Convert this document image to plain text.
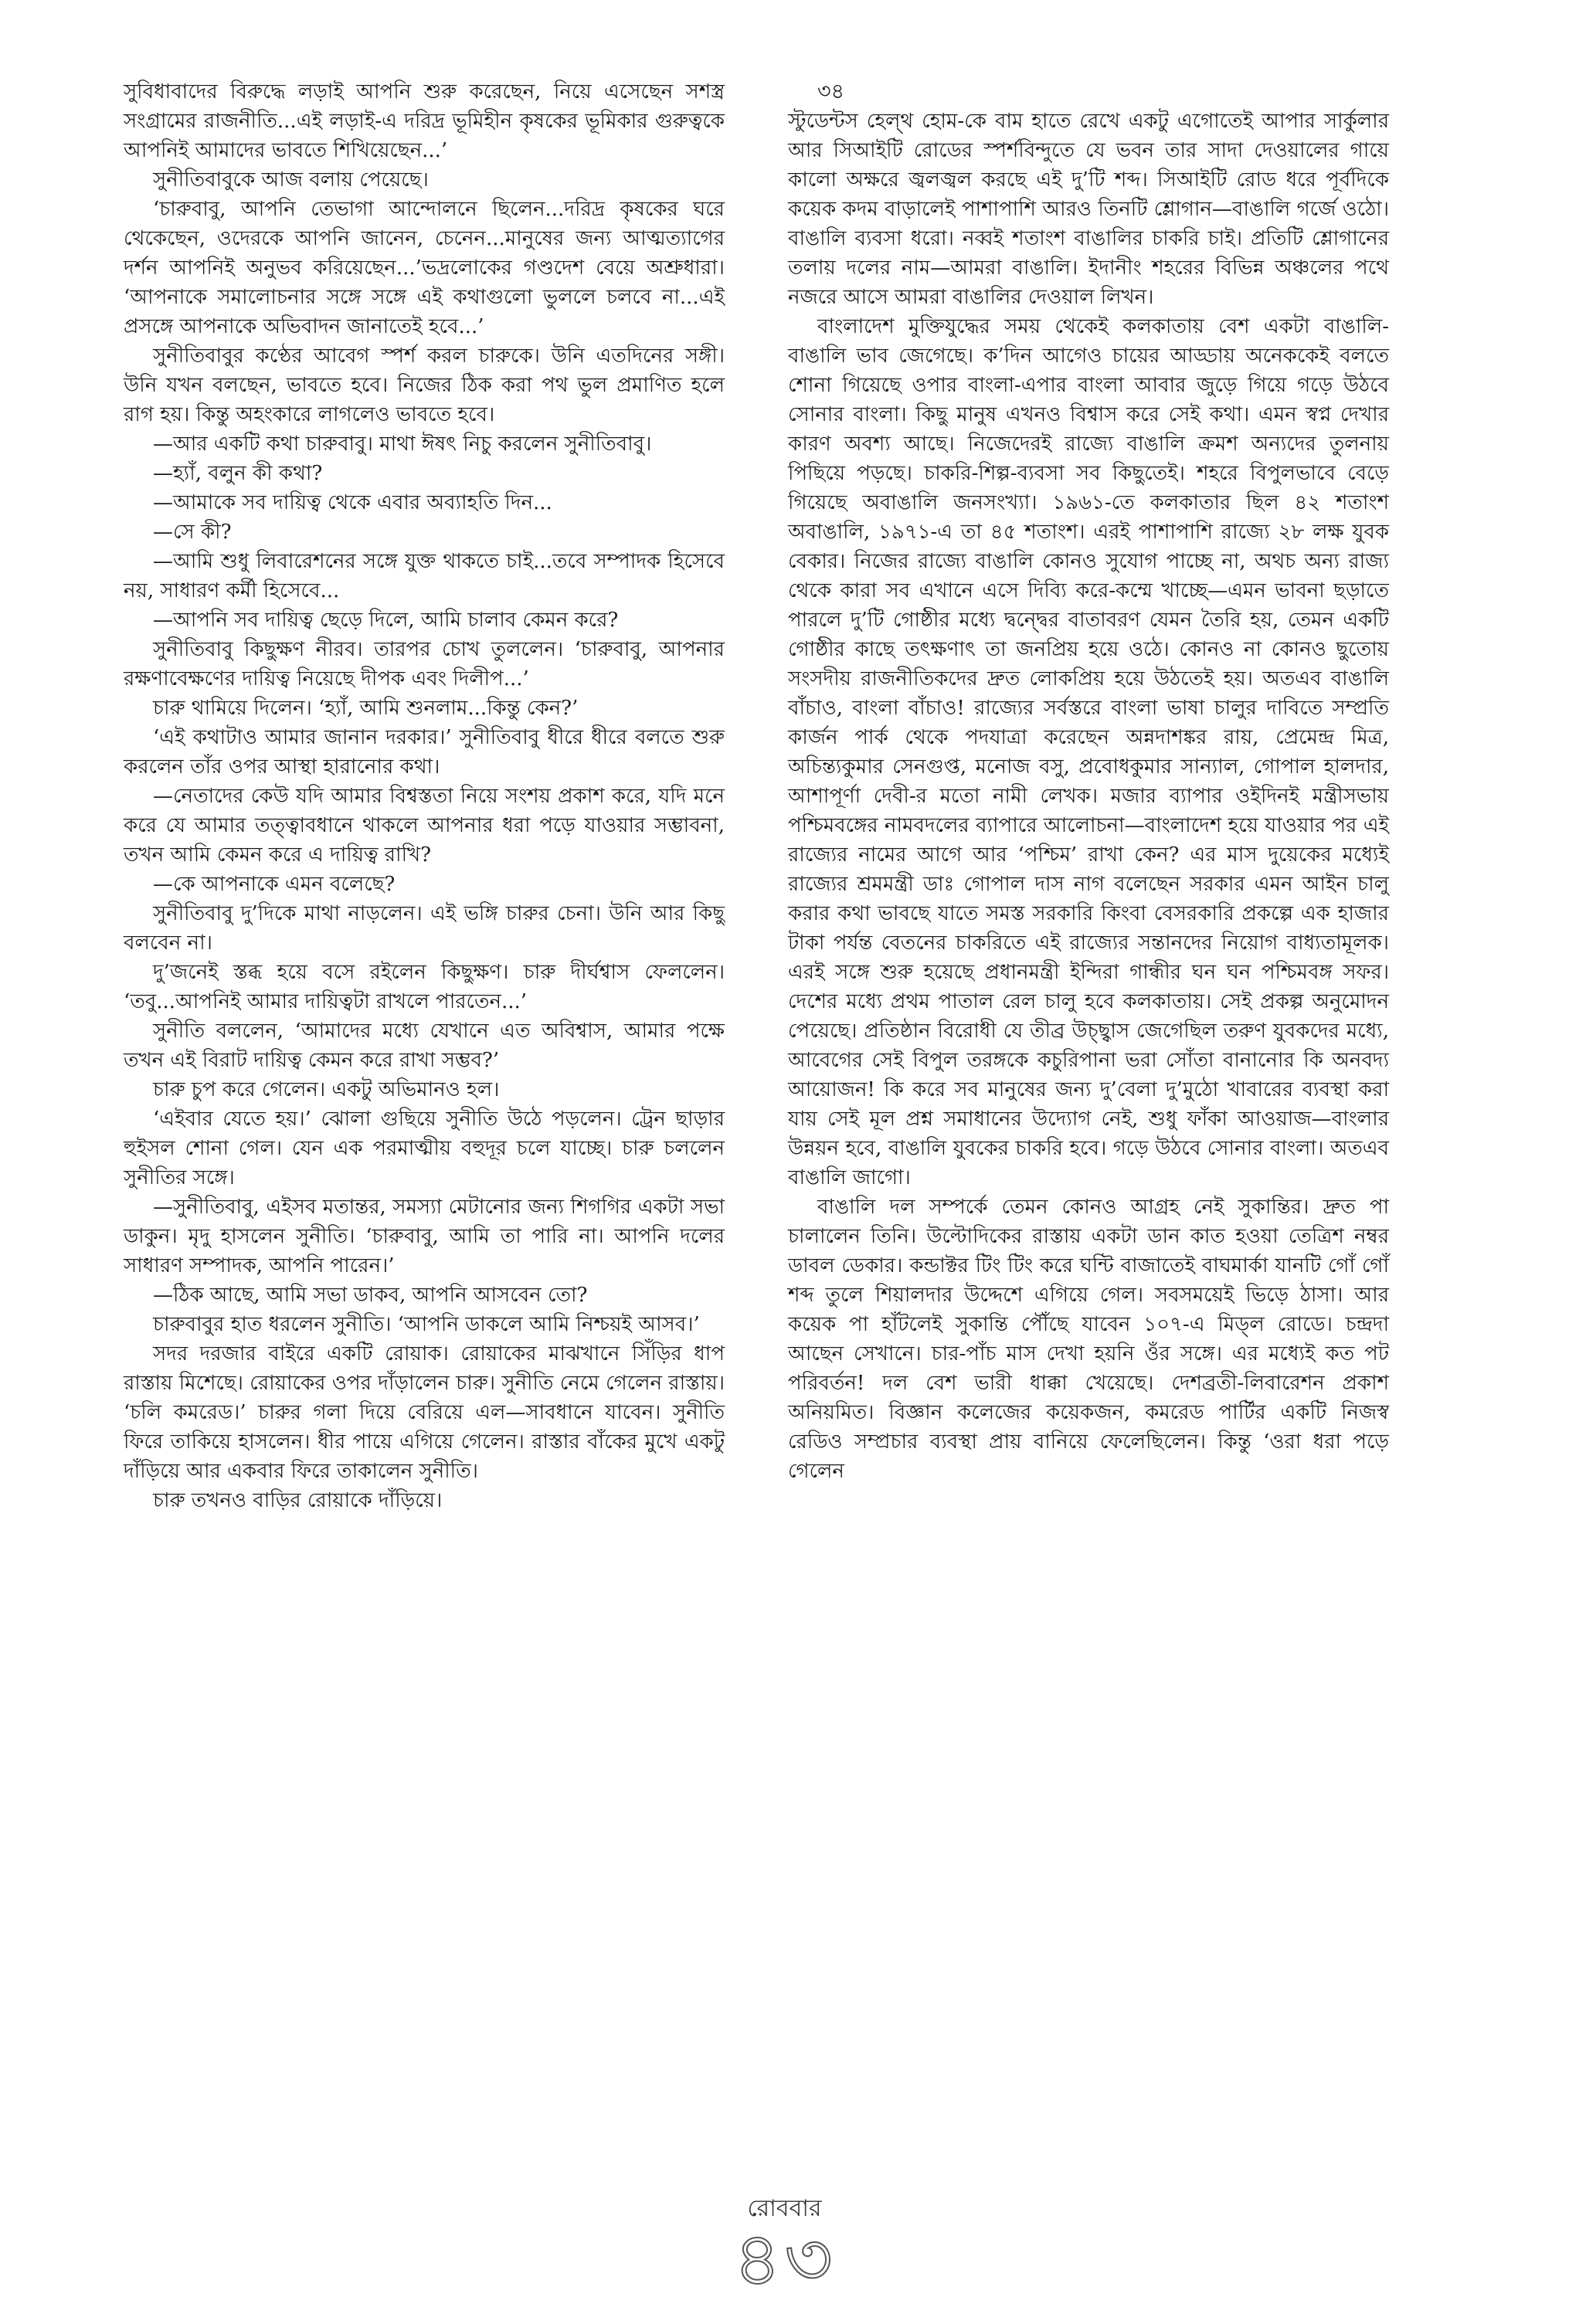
সুবিধাবাদের বিরুদ্ধে লড়াই আপনি শুরু করেছেন, নিয়ে এসেছেন সশস্ত্র সংগ্রামের রাজনীতি...এই লড়াই-এ দরিদ্র ভূমিহীন কৃষকের ভূমিকার গুরুত্বকে আপনিই আমাদের ভাবতে শিখিয়েছেন...’

সুনীতিবাবুকে আজ বলায় পেয়েছে।

‘চারুবাবু, আপনি তেভাগা আন্দোলনে ছিলেন...দরিদ্র কৃষকের ঘরে থেকেছেন, ওদেরকে আপনি জানেন, চেনেন...মানুষের জন্য আত্মত্যাগের দর্শন আপনিই অনুভব করিয়েছেন...’ভদ্রলোকের গণ্ডদেশ বেয়ে অশ্রুধারা। ‘আপনাকে সমালোচনার সঙ্গে সঙ্গে এই কথাগুলো ভুললে চলবে না...এই প্রসঙ্গে আপনাকে অভিবাদন জানাতেই হবে...’

সুনীতিবাবুর কণ্ঠের আবেগ স্পর্শ করল চারুকে। উনি এতদিনের সঙ্গী। উনি যখন বলছেন, ভাবতে হবে। নিজের ঠিক করা পথ ভুল প্রমাণিত হলে রাগ হয়। কিন্তু অহংকারে লাগলেও ভাবতে হবে।

—আর একটি কথা চারুবাবু। মাথা ঈষৎ নিচু করলেন সুনীতিবাবু।

—হ্যাঁ, বলুন কী কথা?

—আমাকে সব দায়িত্ব থেকে এবার অব্যাহতি দিন...

—সে কী?

—আমি শুধু লিবারেশনের সঙ্গে যুক্ত থাকতে চাই...তবে সম্পাদক হিসেবে নয়, সাধারণ কর্মী হিসেবে...

—আপনি সব দায়িত্ব ছেড়ে দিলে, আমি চালাব কেমন করে?

সুনীতিবাবু কিছুক্ষণ নীরব। তারপর চোখ তুললেন। ‘চারুবাবু, আপনার রক্ষণাবেক্ষণের দায়িত্ব নিয়েছে দীপক এবং দিলীপ...’

চারু থামিয়ে দিলেন। ‘হ্যাঁ, আমি শুনলাম...কিন্তু কেন?’

‘এই কথাটাও আমার জানান দরকার।’ সুনীতিবাবু ধীরে ধীরে বলতে শুরু করলেন তাঁর ওপর আস্থা হারানোর কথা।

—নেতাদের কেউ যদি আমার বিশ্বস্ততা নিয়ে সংশয় প্রকাশ করে, যদি মনে করে যে আমার তত্ত্বাবধানে থাকলে আপনার ধরা পড়ে যাওয়ার সম্ভাবনা, তখন আমি কেমন করে এ দায়িত্ব রাখি?

—কে আপনাকে এমন বলেছে?

সুনীতিবাবু দু’দিকে মাথা নাড়লেন। এই ভঙ্গি চারুর চেনা। উনি আর কিছু বলবেন না।

দু’জনেই স্তব্ধ হয়ে বসে রইলেন কিছুক্ষণ। চারু দীর্ঘশ্বাস ফেললেন। ‘তবু...আপনিই আমার দায়িত্বটা রাখলে পারতেন...’

সুনীতি বললেন, ‘আমাদের মধ্যে যেখানে এত অবিশ্বাস, আমার পক্ষে তখন এই বিরাট দায়িত্ব কেমন করে রাখা সম্ভব?’

চারু চুপ করে গেলেন। একটু অভিমানও হল।

‘এইবার যেতে হয়।’ ঝোলা গুছিয়ে সুনীতি উঠে পড়লেন। ট্রেন ছাড়ার হুইসল শোনা গেল। যেন এক পরমাত্মীয় বহুদূর চলে যাচ্ছে। চারু চললেন সুনীতির সঙ্গে।

—সুনীতিবাবু, এইসব মতান্তর, সমস্যা মেটানোর জন্য শিগগির একটা সভা ডাকুন। মৃদু হাসলেন সুনীতি। ‘চারুবাবু, আমি তা পারি না। আপনি দলের সাধারণ সম্পাদক, আপনি পারেন।’

—ঠিক আছে, আমি সভা ডাকব, আপনি আসবেন তো?

চারুবাবুর হাত ধরলেন সুনীতি। ‘আপনি ডাকলে আমি নিশ্চয়ই আসব।’

সদর দরজার বাইরে একটি রোয়াক। রোয়াকের মাঝখানে সিঁড়ির ধাপ রাস্তায় মিশেছে। রোয়াকের ওপর দাঁড়ালেন চারু। সুনীতি নেমে গেলেন রাস্তায়। ‘চলি কমরেড।’ চারুর গলা দিয়ে বেরিয়ে এল—সাবধানে যাবেন। সুনীতি ফিরে তাকিয়ে হাসলেন। ধীর পায়ে এগিয়ে গেলেন। রাস্তার বাঁকের মুখে একটু দাঁড়িয়ে আর একবার ফিরে তাকালেন সুনীতি।

চারু তখনও বাড়ির রোয়াকে দাঁড়িয়ে।

৩৪

স্টুডেন্টস হেল্থ হোম-কে বাম হাতে রেখে একটু এগোতেই আপার সার্কুলার আর সিআইটি রোডের স্পর্শবিন্দুতে যে ভবন তার সাদা দেওয়ালের গায়ে কালো অক্ষরে জ্বলজ্বল করছে এই দু’টি শব্দ। সিআইটি রোড ধরে পূর্বদিকে কয়েক কদম বাড়ালেই পাশাপাশি আরও তিনটি শ্লোগান—বাঙালি গর্জে ওঠো। বাঙালি ব্যবসা ধরো। নব্বই শতাংশ বাঙালির চাকরি চাই। প্রতিটি শ্লোগানের তলায় দলের নাম—আমরা বাঙালি। ইদানীং শহরের বিভিন্ন অঞ্চলের পথে নজরে আসে আমরা বাঙালির দেওয়াল লিখন।

বাংলাদেশ মুক্তিযুদ্ধের সময় থেকেই কলকাতায় বেশ একটা বাঙালি-বাঙালি ভাব জেগেছে। ক’দিন আগেও চায়ের আড্ডায় অনেককেই বলতে শোনা গিয়েছে ওপার বাংলা-এপার বাংলা আবার জুড়ে গিয়ে গড়ে উঠবে সোনার বাংলা। কিছু মানুষ এখনও বিশ্বাস করে সেই কথা। এমন স্বপ্ন দেখার কারণ অবশ্য আছে। নিজেদেরই রাজ্যে বাঙালি ক্রমশ অন্যদের তুলনায় পিছিয়ে পড়ছে। চাকরি-শিল্প-ব্যবসা সব কিছুতেই। শহরে বিপুলভাবে বেড়ে গিয়েছে অবাঙালি জনসংখ্যা। ১৯৬১-তে কলকাতার ছিল ৪২ শতাংশ অবাঙালি, ১৯৭১-এ তা ৪৫ শতাংশ। এরই পাশাপাশি রাজ্যে ২৮ লক্ষ যুবক বেকার। নিজের রাজ্যে বাঙালি কোনও সুযোগ পাচ্ছে না, অথচ অন্য রাজ্য থেকে কারা সব এখানে এসে দিব্যি করে-কম্মে খাচ্ছে—এমন ভাবনা ছড়াতে পারলে দু’টি গোষ্ঠীর মধ্যে দ্বন্দ্বের বাতাবরণ যেমন তৈরি হয়, তেমন একটি গোষ্ঠীর কাছে তৎক্ষণাৎ তা জনপ্রিয় হয়ে ওঠে। কোনও না কোনও ছুতোয় সংসদীয় রাজনীতিকদের দ্রুত লোকপ্রিয় হয়ে উঠতেই হয়। অতএব বাঙালি বাঁচাও, বাংলা বাঁচাও! রাজ্যের সর্বস্তরে বাংলা ভাষা চালুর দাবিতে সম্প্রতি কার্জন পার্ক থেকে পদযাত্রা করেছেন অন্নদাশঙ্কর রায়, প্রেমেন্দ্র মিত্র, অচিন্ত্যকুমার সেনগুপ্ত, মনোজ বসু, প্রবোধকুমার সান্যাল, গোপাল হালদার, আশাপূর্ণা দেবী-র মতো নামী লেখক। মজার ব্যাপার ওইদিনই মন্ত্রীসভায় পশ্চিমবঙ্গের নামবদলের ব্যাপারে আলোচনা—বাংলাদেশ হয়ে যাওয়ার পর এই রাজ্যের নামের আগে আর ‘পশ্চিম’ রাখা কেন? এর মাস দুয়েকের মধ্যেই রাজ্যের শ্রমমন্ত্রী ডাঃ গোপাল দাস নাগ বলেছেন সরকার এমন আইন চালু করার কথা ভাবছে যাতে সমস্ত সরকারি কিংবা বেসরকারি প্রকল্পে এক হাজার টাকা পর্যন্ত বেতনের চাকরিতে এই রাজ্যের সন্তানদের নিয়োগ বাধ্যতামূলক। এরই সঙ্গে শুরু হয়েছে প্রধানমন্ত্রী ইন্দিরা গান্ধীর ঘন ঘন পশ্চিমবঙ্গ সফর। দেশের মধ্যে প্রথম পাতাল রেল চালু হবে কলকাতায়। সেই প্রকল্প অনুমোদন পেয়েছে। প্রতিষ্ঠান বিরোধী যে তীব্র উচ্ছ্বাস জেগেছিল তরুণ যুবকদের মধ্যে, আবেগের সেই বিপুল তরঙ্গকে কচুরিপানা ভরা সোঁতা বানানোর কি অনবদ্য আয়োজন! কি করে সব মানুষের জন্য দু’বেলা দু’মুঠো খাবারের ব্যবস্থা করা যায় সেই মূল প্রশ্ন সমাধানের উদ্যোগ নেই, শুধু ফাঁকা আওয়াজ—বাংলার উন্নয়ন হবে, বাঙালি যুবকের চাকরি হবে। গড়ে উঠবে সোনার বাংলা। অতএব বাঙালি জাগো।

বাঙালি দল সম্পর্কে তেমন কোনও আগ্রহ নেই সুকান্তির। দ্রুত পা চালালেন তিনি। উল্টোদিকের রাস্তায় একটা ডান কাত হওয়া তেত্রিশ নম্বর ডাবল ডেকার। কন্ডাক্টর টিং টিং করে ঘন্টি বাজাতেই বাঘমার্কা যানটি গোঁ গোঁ শব্দ তুলে শিয়ালদার উদ্দেশে এগিয়ে গেল। সবসময়েই ভিড়ে ঠাসা। আর কয়েক পা হাঁটলেই সুকান্তি পৌঁছে যাবেন ১০৭-এ মিড্ল রোডে। চন্দ্রদা আছেন সেখানে। চার-পাঁচ মাস দেখা হয়নি ওঁর সঙ্গে। এর মধ্যেই কত পট পরিবর্তন! দল বেশ ভারী ধাক্কা খেয়েছে। দেশব্রতী-লিবারেশন প্রকাশ অনিয়মিত। বিজ্ঞান কলেজের কয়েকজন, কমরেড পার্টির একটি নিজস্ব রেডিও সম্প্রচার ব্যবস্থা প্রায় বানিয়ে ফেলেছিলেন। কিন্তু ‘ওরা ধরা পড়ে গেলেন

রোববার
৪৩
